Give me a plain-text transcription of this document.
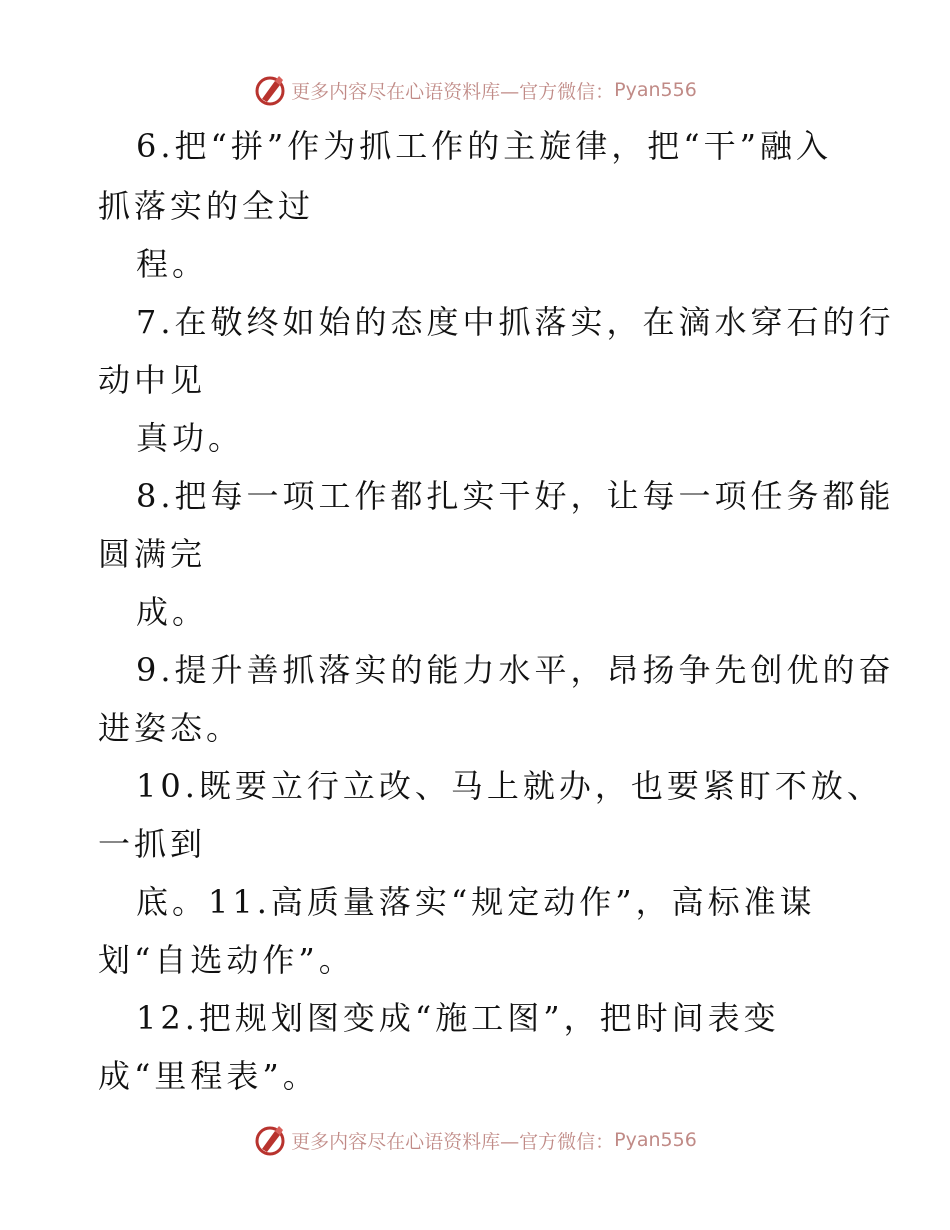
更多内容尽在心语资料库—官方微信： Pyan556
6.把“拼”作为抓工作的主旋律，把“干”融入
抓落实的全过
程。
7.在敬终如始的态度中抓落实，在滴水穿石的行
动中见
真功。
8.把每一项工作都扎实干好，让每一项任务都能
圆满完
成。
9.提升善抓落实的能力水平，昂扬争先创优的奋
进姿态。
10.既要立行立改、马上就办，也要紧盯不放、
一抓到
底。11.高质量落实“规定动作”，高标准谋
划“自选动作”。
12.把规划图变成“施工图”，把时间表变
成“里程表”。
更多内容尽在心语资料库—官方微信： Pyan556
